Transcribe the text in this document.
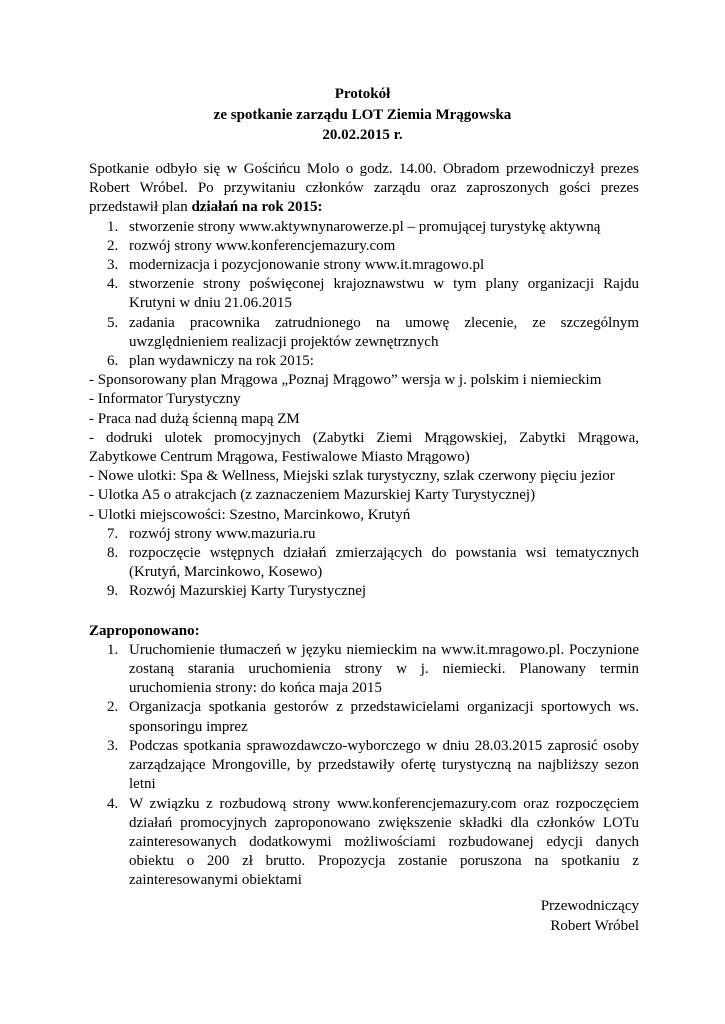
Protokół
ze spotkanie zarządu LOT Ziemia Mrągowska
20.02.2015 r.

Spotkanie odbyło się w Gościńcu Molo o godz. 14.00. Obradom przewodniczył prezes Robert Wróbel. Po przywitaniu członków zarządu oraz zaproszonych gości prezes przedstawił plan działań na rok 2015:

1. stworzenie strony www.aktywnynarowerze.pl – promującej turystykę aktywną
2. rozwój strony www.konferencjemazury.com
3. modernizacja i pozycjonowanie strony www.it.mragowo.pl
4. stworzenie strony poświęconej krajoznawstwu w tym plany organizacji Rajdu Krutyni w dniu 21.06.2015
5. zadania pracownika zatrudnionego na umowę zlecenie, ze szczególnym uwzględnieniem realizacji projektów zewnętrznych
6. plan wydawniczy na rok 2015:
- Sponsorowany plan Mrągowa „Poznaj Mrągowo” wersja w j. polskim i niemieckim
- Informator Turystyczny
- Praca nad dużą ścienną mapą ZM
- dodruki ulotek promocyjnych (Zabytki Ziemi Mrągowskiej, Zabytki Mrągowa, Zabytkowe Centrum Mrągowa, Festiwalowe Miasto Mrągowo)
- Nowe ulotki: Spa & Wellness, Miejski szlak turystyczny, szlak czerwony pięciu jezior
- Ulotka A5 o atrakcjach (z zaznaczeniem Mazurskiej Karty Turystycznej)
- Ulotki miejscowości: Szestno, Marcinkowo, Krutyń
7. rozwój strony www.mazuria.ru
8. rozpoczęcie wstępnych działań zmierzających do powstania wsi tematycznych (Krutyń, Marcinkowo, Kosewo)
9. Rozwój Mazurskiej Karty Turystycznej
Zaproponowano:
1. Uruchomienie tłumaczeń w języku niemieckim na www.it.mragowo.pl. Poczynione zostaną starania uruchomienia strony w j. niemiecki. Planowany termin uruchomienia strony: do końca maja 2015
2. Organizacja spotkania gestorów z przedstawicielami organizacji sportowych ws. sponsoringu imprez
3. Podczas spotkania sprawozdawczo-wyborczego w dniu 28.03.2015 zaprosić osoby zarządzające Mrongoville, by przedstawiły ofertę turystyczną na najbliższy sezon letni
4. W związku z rozbudową strony www.konferencjemazury.com oraz rozpoczęciem działań promocyjnych zaproponowano zwiększenie składki dla członków LOTu zainteresowanych dodatkowymi możliwościami rozbudowanej edycji danych obiektu o 200 zł brutto. Propozycja zostanie poruszona na spotkaniu z zainteresowanymi obiektami
Przewodniczący
Robert Wróbel
